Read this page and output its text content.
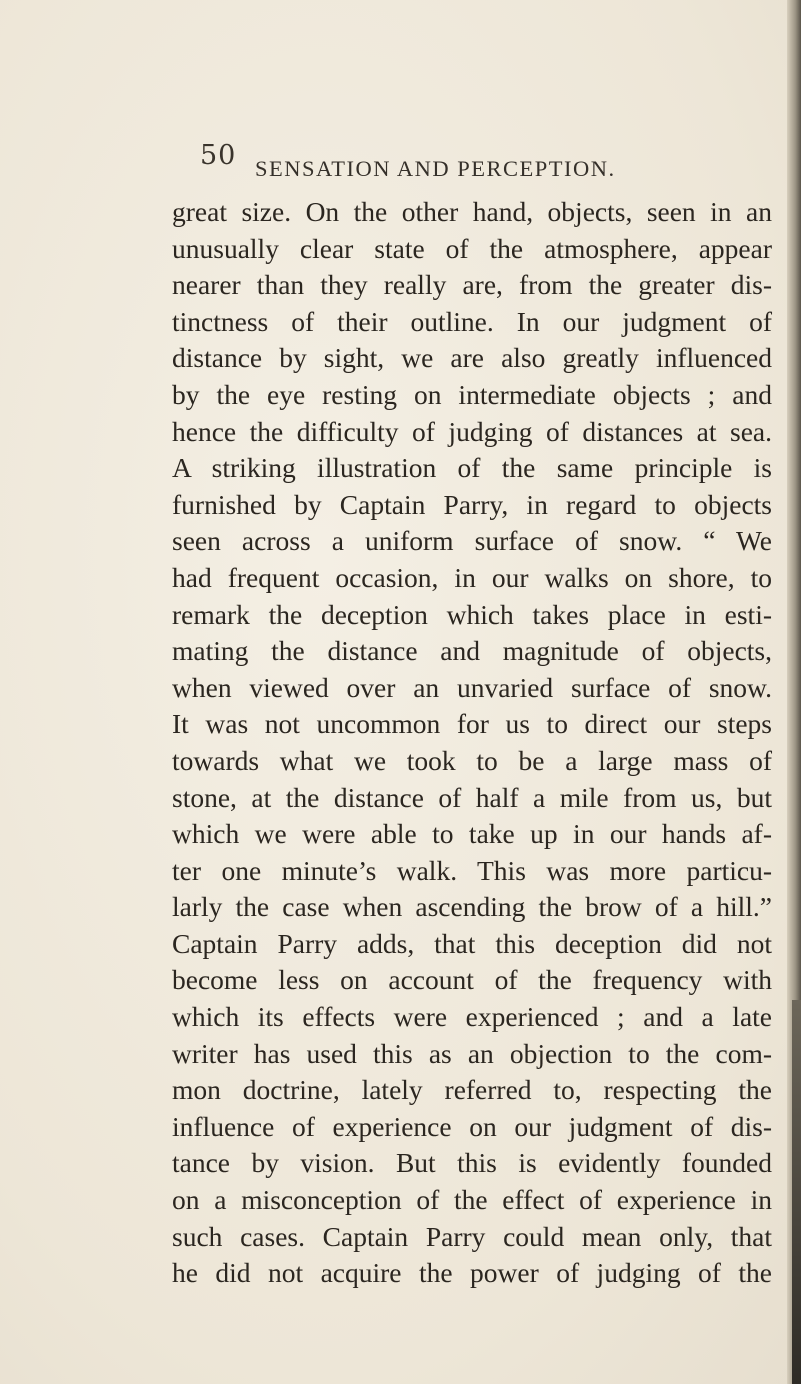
50 SENSATION AND PERCEPTION.
great size. On the other hand, objects, seen in an
unusually clear state of the atmosphere, appear
nearer than they really are, from the greater dis-
tinctness of their outline. In our judgment of
distance by sight, we are also greatly influenced
by the eye resting on intermediate objects ; and
hence the difficulty of judging of distances at sea.
A striking illustration of the same principle is
furnished by Captain Parry, in regard to objects
seen across a uniform surface of snow. “ We
had frequent occasion, in our walks on shore, to
remark the deception which takes place in esti-
mating the distance and magnitude of objects,
when viewed over an unvaried surface of snow.
It was not uncommon for us to direct our steps
towards what we took to be a large mass of
stone, at the distance of half a mile from us, but
which we were able to take up in our hands af-
ter one minute’s walk. This was more particu-
larly the case when ascending the brow of a hill.”
Captain Parry adds, that this deception did not
become less on account of the frequency with
which its effects were experienced ; and a late
writer has used this as an objection to the com-
mon doctrine, lately referred to, respecting the
influence of experience on our judgment of dis-
tance by vision. But this is evidently founded
on a misconception of the effect of experience in
such cases. Captain Parry could mean only, that
he did not acquire the power of judging of the
